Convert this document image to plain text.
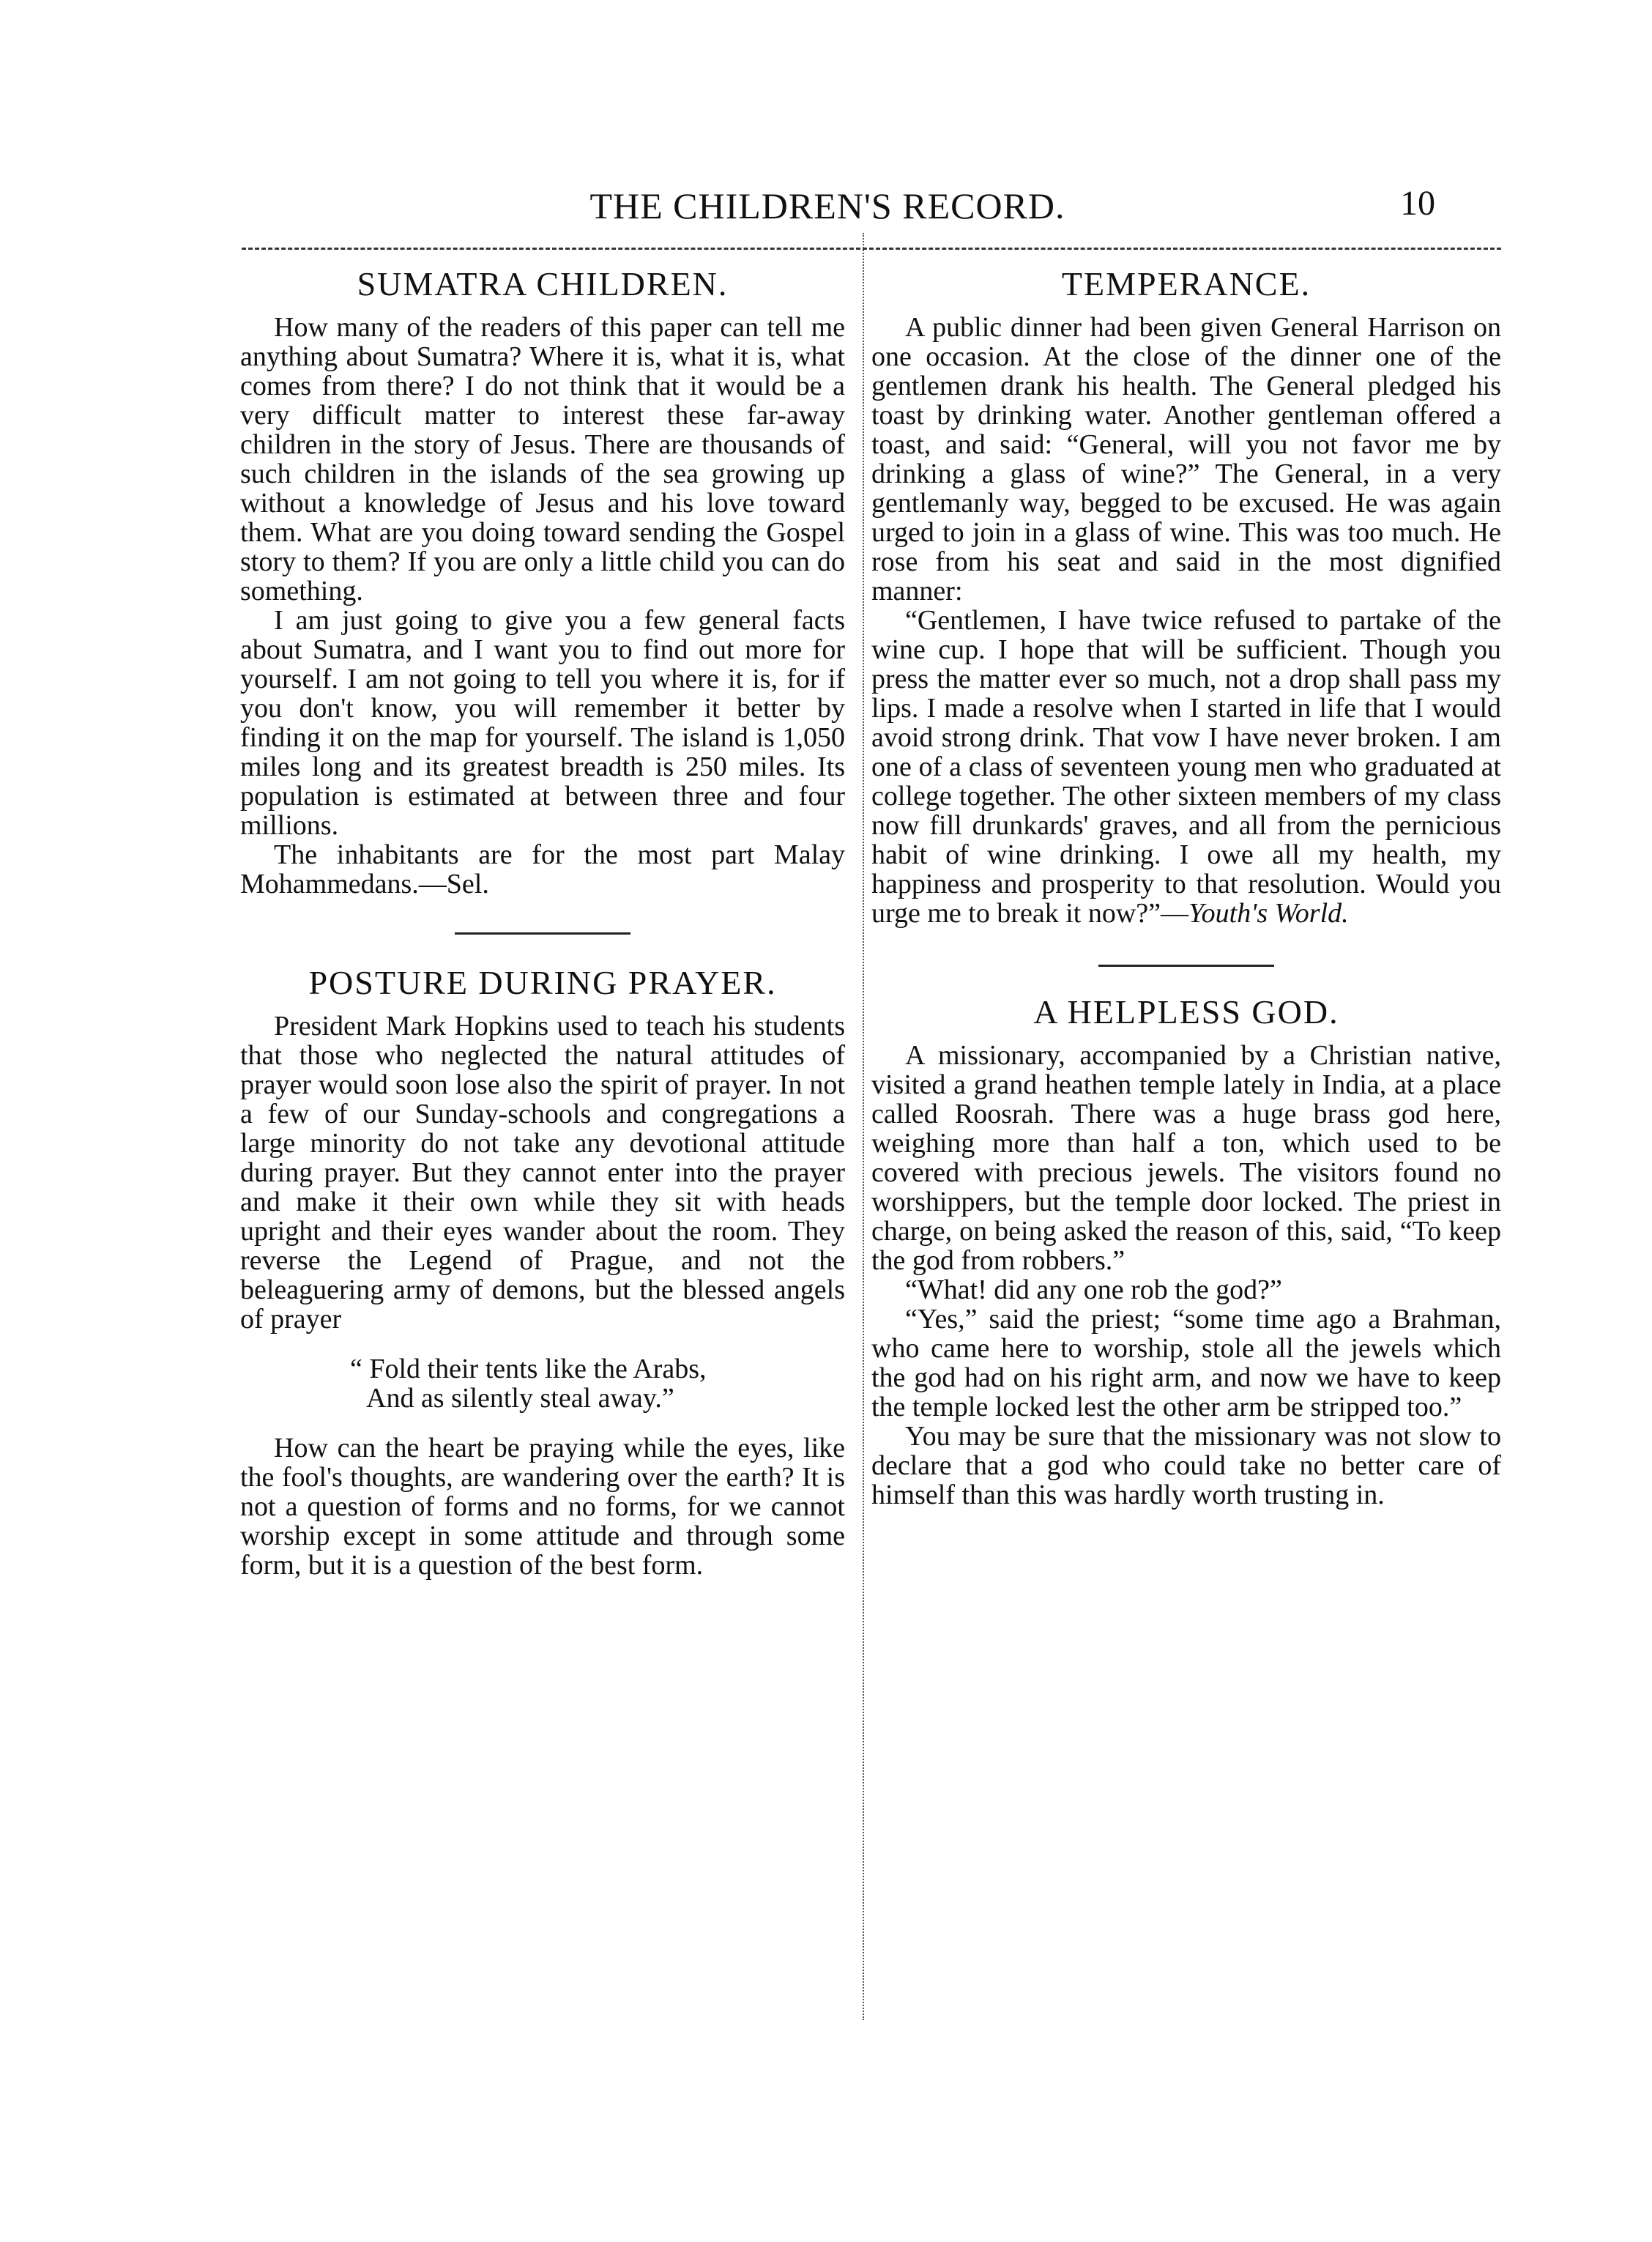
THE CHILDREN'S RECORD.	10
SUMATRA CHILDREN.

How many of the readers of this paper can tell me anything about Sumatra? Where it is, what it is, what comes from there? I do not think that it would be a very difficult matter to interest these far-away children in the story of Jesus. There are thousands of such children in the islands of the sea growing up without a knowledge of Jesus and his love toward them. What are you doing toward sending the Gospel story to them? If you are only a little child you can do something.

I am just going to give you a few general facts about Sumatra, and I want you to find out more for yourself. I am not going to tell you where it is, for if you don't know, you will remember it better by finding it on the map for yourself. The island is 1,050 miles long and its greatest breadth is 250 miles. Its population is estimated at between three and four millions.

The inhabitants are for the most part Malay Mohammedans.—Sel.

POSTURE DURING PRAYER.

President Mark Hopkins used to teach his students that those who neglected the natural attitudes of prayer would soon lose also the spirit of prayer. In not a few of our Sunday-schools and congregations a large minority do not take any devotional attitude during prayer. But they cannot enter into the prayer and make it their own while they sit with heads upright and their eyes wander about the room. They reverse the Legend of Prague, and not the beleaguering army of demons, but the blessed angels of prayer

“ Fold their tents like the Arabs,
And as silently steal away.”

How can the heart be praying while the eyes, like the fool's thoughts, are wandering over the earth? It is not a question of forms and no forms, for we cannot worship except in some attitude and through some form, but it is a question of the best form.

TEMPERANCE.

A public dinner had been given General Harrison on one occasion. At the close of the dinner one of the gentlemen drank his health. The General pledged his toast by drinking water. Another gentleman offered a toast, and said: “General, will you not favor me by drinking a glass of wine?” The General, in a very gentlemanly way, begged to be excused. He was again urged to join in a glass of wine. This was too much. He rose from his seat and said in the most dignified manner:

“Gentlemen, I have twice refused to partake of the wine cup. I hope that will be sufficient. Though you press the matter ever so much, not a drop shall pass my lips. I made a resolve when I started in life that I would avoid strong drink. That vow I have never broken. I am one of a class of seventeen young men who graduated at college together. The other sixteen members of my class now fill drunkards' graves, and all from the pernicious habit of wine drinking. I owe all my health, my happiness and prosperity to that resolution. Would you urge me to break it now?”—Youth's World.

A HELPLESS GOD.

A missionary, accompanied by a Christian native, visited a grand heathen temple lately in India, at a place called Roosrah. There was a huge brass god here, weighing more than half a ton, which used to be covered with precious jewels. The visitors found no worshippers, but the temple door locked. The priest in charge, on being asked the reason of this, said, “To keep the god from robbers.”

“What! did any one rob the god?”

“Yes,” said the priest; “some time ago a Brahman, who came here to worship, stole all the jewels which the god had on his right arm, and now we have to keep the temple locked lest the other arm be stripped too.”

You may be sure that the missionary was not slow to declare that a god who could take no better care of himself than this was hardly worth trusting in.
